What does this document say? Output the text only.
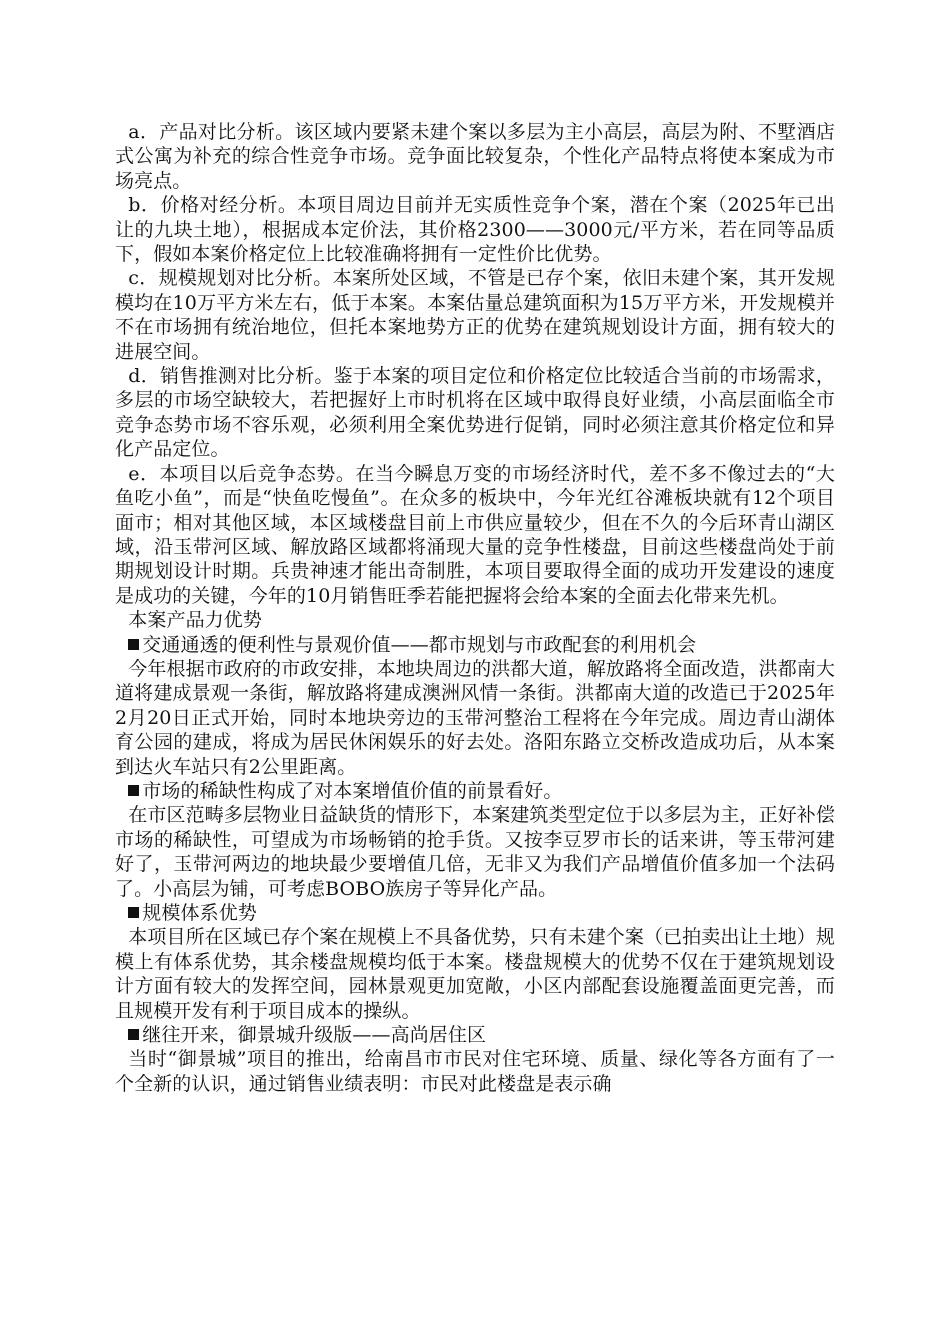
a．产品对比分析。该区域内要紧未建个案以多层为主小高层，高层为附、不墅酒店式公寓为补充的综合性竞争市场。竞争面比较复杂，个性化产品特点将使本案成为市场亮点。

b．价格对经分析。本项目周边目前并无实质性竞争个案，潜在个案（2025年已出让的九块土地），根据成本定价法，其价格2300——3000元/平方米，若在同等品质下，假如本案价格定位上比较准确将拥有一定性价比优势。

c．规模规划对比分析。本案所处区域，不管是已存个案，依旧未建个案，其开发规模均在10万平方米左右，低于本案。本案估量总建筑面积为15万平方米，开发规模并不在市场拥有统治地位，但托本案地势方正的优势在建筑规划设计方面，拥有较大的进展空间。

d．销售推测对比分析。鉴于本案的项目定位和价格定位比较适合当前的市场需求，多层的市场空缺较大，若把握好上市时机将在区域中取得良好业绩，小高层面临全市竞争态势市场不容乐观，必须利用全案优势进行促销，同时必须注意其价格定位和异化产品定位。

e．本项目以后竞争态势。在当今瞬息万变的市场经济时代，差不多不像过去的“大鱼吃小鱼”，而是“快鱼吃慢鱼”。在众多的板块中，今年光红谷滩板块就有12个项目面市；相对其他区域，本区域楼盘目前上市供应量较少，但在不久的今后环青山湖区域，沿玉带河区域、解放路区域都将涌现大量的竞争性楼盘，目前这些楼盘尚处于前期规划设计时期。兵贵神速才能出奇制胜，本项目要取得全面的成功开发建设的速度是成功的关键，今年的10月销售旺季若能把握将会给本案的全面去化带来先机。

本案产品力优势

交通通透的便利性与景观价值——都市规划与市政配套的利用机会

今年根据市政府的市政安排，本地块周边的洪都大道，解放路将全面改造，洪都南大道将建成景观一条街，解放路将建成澳洲风情一条街。洪都南大道的改造已于2025年2月20日正式开始，同时本地块旁边的玉带河整治工程将在今年完成。周边青山湖体育公园的建成，将成为居民休闲娱乐的好去处。洛阳东路立交桥改造成功后，从本案到达火车站只有2公里距离。

市场的稀缺性构成了对本案增值价值的前景看好。

在市区范畴多层物业日益缺货的情形下，本案建筑类型定位于以多层为主，正好补偿市场的稀缺性，可望成为市场畅销的抢手货。又按李豆罗市长的话来讲，等玉带河建好了，玉带河两边的地块最少要增值几倍，无非又为我们产品增值价值多加一个法码了。小高层为铺，可考虑BOBO族房子等异化产品。

规模体系优势

本项目所在区域已存个案在规模上不具备优势，只有未建个案（已拍卖出让土地）规模上有体系优势，其余楼盘规模均低于本案。楼盘规模大的优势不仅在于建筑规划设计方面有较大的发挥空间，园林景观更加宽敞，小区内部配套设施覆盖面更完善，而且规模开发有利于项目成本的操纵。

继往开来，御景城升级版——高尚居住区

当时“御景城”项目的推出，给南昌市市民对住宅环境、质量、绿化等各方面有了一个全新的认识，通过销售业绩表明：市民对此楼盘是表示确
